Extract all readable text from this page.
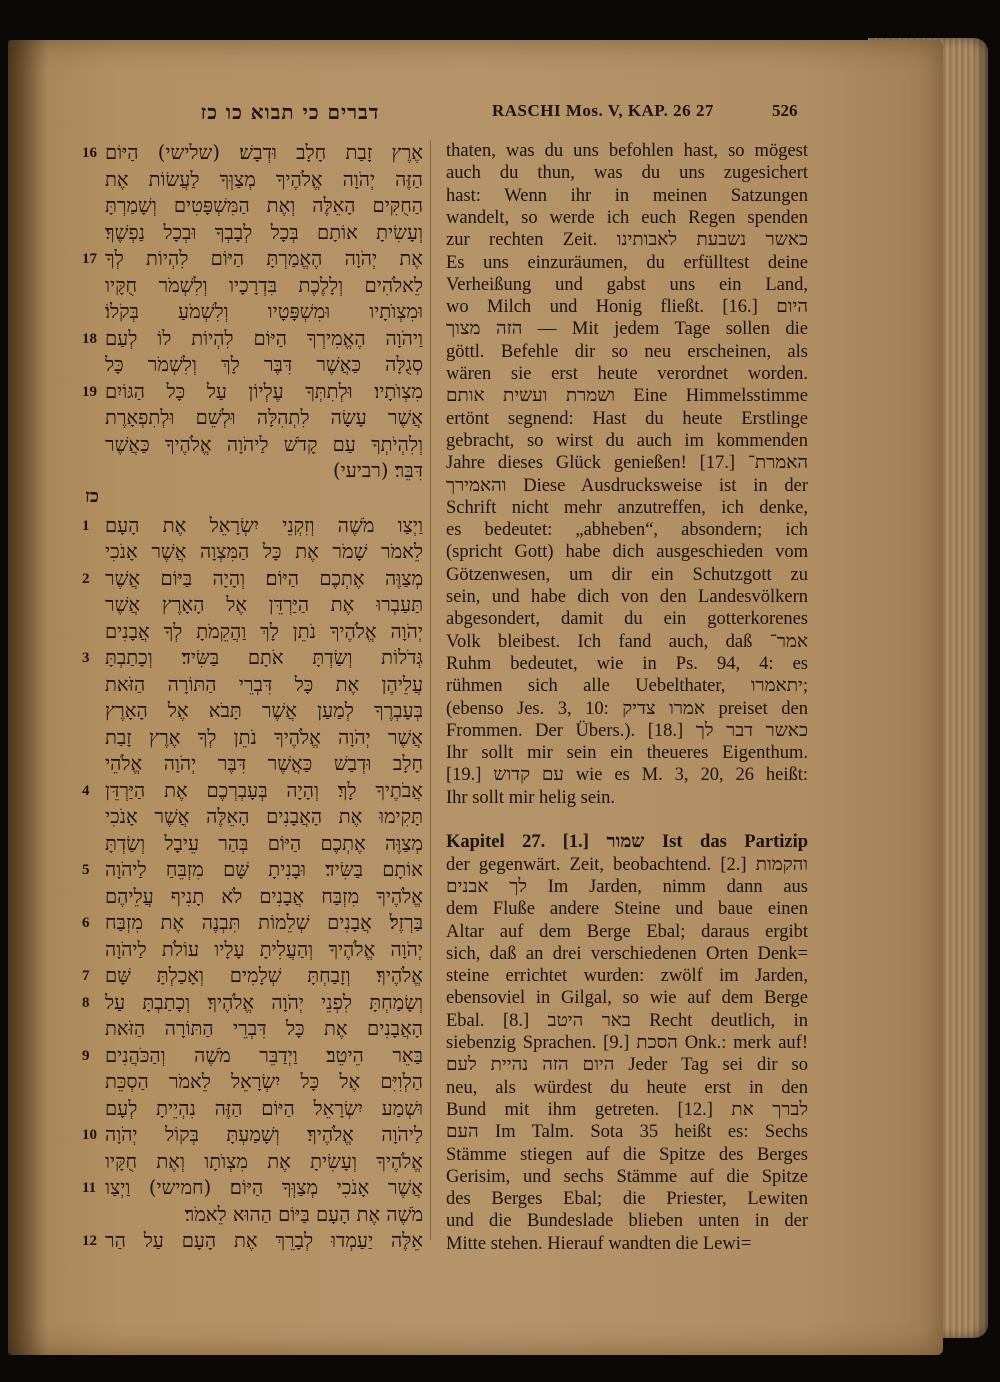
דברים כי תבוא כו כז	RASCHI Mos. V, KAP. 26 27	526
כז
16
17
18
19
1
2
3
4
5
6
7
8
9
10
11
12
אֶרֶץ זָבַת חָלָב וּדְבָשׁ׃ (שלישי) הַיּוֹם
הַזֶּה יְהֹוָה אֱלֹהֶיךָ מְצַוְּךָ לַעֲשׂוֹת אֶת
הַחֻקִּים הָאֵלֶּה וְאֶת הַמִּשְׁפָּטִים וְשָׁמַרְתָּ
וְעָשִׂיתָ אוֹתָם בְּכָל לְבָבְךָ וּבְכָל נַפְשֶׁךָ׃
אֶת יְהֹוָה הֶאֱמַרְתָּ הַיּוֹם לִהְיוֹת לְךָ
לֵאלֹהִים וְלָלֶכֶת בִּדְרָכָיו וְלִשְׁמֹר חֻקָּיו
וּמִצְוֺתָיו וּמִשְׁפָּטָיו וְלִשְׁמֹעַ בְּקֹלוֹ׃
וַיהֹוָה הֶאֱמִירְךָ הַיּוֹם לִהְיוֹת לוֹ לְעַם
סְגֻלָּה כַּאֲשֶׁר דִּבֶּר לָךְ וְלִשְׁמֹר כָּל
מִצְוֺתָיו׃ וּלְתִתְּךָ עֶלְיוֹן עַל כָּל הַגּוֹיִם
אֲשֶׁר עָשָׂה לִתְהִלָּה וּלְשֵׁם וּלְתִפְאָרֶת
וְלִהְיֹתְךָ עַם קָדֹשׁ לַיהֹוָה אֱלֹהֶיךָ כַּאֲשֶׁר
דִּבֵּר׃ (רביעי)
וַיְצַו מֹשֶׁה וְזִקְנֵי יִשְׂרָאֵל אֶת הָעָם
לֵאמֹר שָׁמֹר אֶת כָּל הַמִּצְוָה אֲשֶׁר אָנֹכִי
מְצַוֶּה אֶתְכֶם הַיּוֹם׃ וְהָיָה בַּיּוֹם אֲשֶׁר
תַּעַבְרוּ אֶת הַיַּרְדֵּן אֶל הָאָרֶץ אֲשֶׁר
יְהֹוָה אֱלֹהֶיךָ נֹתֵן לָךְ וַהֲקֵמֹתָ לְךָ אֲבָנִים
גְּדֹלוֹת וְשַׂדְתָּ אֹתָם בַּשִּׂיד׃ וְכָתַבְתָּ
עֲלֵיהֶן אֶת כָּל דִּבְרֵי הַתּוֹרָה הַזֹּאת
בְּעָבְרֶךָ לְמַעַן אֲשֶׁר תָּבֹא אֶל הָאָרֶץ
אֲשֶׁר יְהֹוָה אֱלֹהֶיךָ נֹתֵן לְךָ אֶרֶץ זָבַת
חָלָב וּדְבַשׁ כַּאֲשֶׁר דִּבֶּר יְהֹוָה אֱלֹהֵי
אֲבֹתֶיךָ לָךְ׃ וְהָיָה בְּעָבְרְכֶם אֶת הַיַּרְדֵּן
תָּקִימוּ אֶת הָאֲבָנִים הָאֵלֶּה אֲשֶׁר אָנֹכִי
מְצַוֶּה אֶתְכֶם הַיּוֹם בְּהַר עֵיבָל וְשַׂדְתָּ
אוֹתָם בַּשִּׂיד׃ וּבָנִיתָ שָּׁם מִזְבֵּחַ לַיהֹוָה
אֱלֹהֶיךָ מִזְבַּח אֲבָנִים לֹא תָנִיף עֲלֵיהֶם
בַּרְזֶל׃ אֲבָנִים שְׁלֵמוֹת תִּבְנֶה אֶת מִזְבַּח
יְהֹוָה אֱלֹהֶיךָ וְהַעֲלִיתָ עָלָיו עוֹלֹת לַיהֹוָה
אֱלֹהֶיךָ׃ וְזָבַחְתָּ שְׁלָמִים וְאָכַלְתָּ שָּׁם
וְשָׂמַחְתָּ לִפְנֵי יְהֹוָה אֱלֹהֶיךָ׃ וְכָתַבְתָּ עַל
הָאֲבָנִים אֶת כָּל דִּבְרֵי הַתּוֹרָה הַזֹּאת
בַּאֵר הֵיטֵב׃ וַיְדַבֵּר מֹשֶׁה וְהַכֹּהֲנִים
הַלְוִיִּם אֶל כָּל יִשְׂרָאֵל לֵאמֹר הַסְכֵּת
וּשְׁמַע יִשְׂרָאֵל הַיּוֹם הַזֶּה נִהְיֵיתָ לְעָם
לַיהֹוָה אֱלֹהֶיךָ׃ וְשָׁמַעְתָּ בְּקוֹל יְהֹוָה
אֱלֹהֶיךָ וְעָשִׂיתָ אֶת מִצְוֺתָו וְאֶת חֻקָּיו
אֲשֶׁר אָנֹכִי מְצַוְּךָ הַיּוֹם׃ (חמישי) וַיְצַו
מֹשֶׁה אֶת הָעָם בַּיּוֹם הַהוּא לֵאמֹר׃
אֵלֶּה יַעַמְדוּ לְבָרֵךְ אֶת הָעָם עַל הַר
thaten, was du uns befohlen hast, so mögest
auch du thun, was du uns zugesichert
hast: Wenn ihr in meinen Satzungen
wandelt, so werde ich euch Regen spenden
zur rechten Zeit. כאשר נשבעת לאבותינו
Es uns einzuräumen, du erfülltest deine
Verheißung und gabst uns ein Land,
wo Milch und Honig fließt. [16.] היום
הזה מצוך — Mit jedem Tage sollen die
göttl. Befehle dir so neu erscheinen, als
wären sie erst heute verordnet worden.
ושמרת ועשית אותם Eine Himmelsstimme
ertönt segnend: Hast du heute Erstlinge
gebracht, so wirst du auch im kommenden
Jahre dieses Glück genießen! [17.] האמרת־
והאמירך Diese Ausdrucksweise ist in der
Schrift nicht mehr anzutreffen, ich denke,
es bedeutet: „abheben“, absondern; ich
(spricht Gott) habe dich ausgeschieden vom
Götzenwesen, um dir ein Schutzgott zu
sein, und habe dich von den Landesvölkern
abgesondert, damit du ein gotterkorenes
Volk bleibest. Ich fand auch, daß אמר־
Ruhm bedeutet, wie in Ps. 94, 4: es
rühmen sich alle Uebelthater, יתאמרו;
(ebenso Jes. 3, 10: אמרו צדיק preiset den
Frommen. Der Übers.). [18.] כאשר דבר לך
Ihr sollt mir sein ein theueres Eigenthum.
[19.] עם קדוש wie es M. 3, 20, 26 heißt:
Ihr sollt mir helig sein.
Kapitel 27. [1.] שמור Ist das Partizip
der gegenwärt. Zeit, beobachtend. [2.] והקמות
לך אבנים Im Jarden, nimm dann aus
dem Fluße andere Steine und baue einen
Altar auf dem Berge Ebal; daraus ergibt
sich, daß an drei verschiedenen Orten Denk=
steine errichtet wurden: zwölf im Jarden,
ebensoviel in Gilgal, so wie auf dem Berge
Ebal. [8.] באר היטב Recht deutlich, in
siebenzig Sprachen. [9.] הסכת Onk.: merk auf!
היום הזה נהיית לעם Jeder Tag sei dir so
neu, als würdest du heute erst in den
Bund mit ihm getreten. [12.] לברך את
העם Im Talm. Sota 35 heißt es: Sechs
Stämme stiegen auf die Spitze des Berges
Gerisim, und sechs Stämme auf die Spitze
des Berges Ebal; die Priester, Lewiten
und die Bundeslade blieben unten in der
Mitte stehen. Hierauf wandten die Lewi=
